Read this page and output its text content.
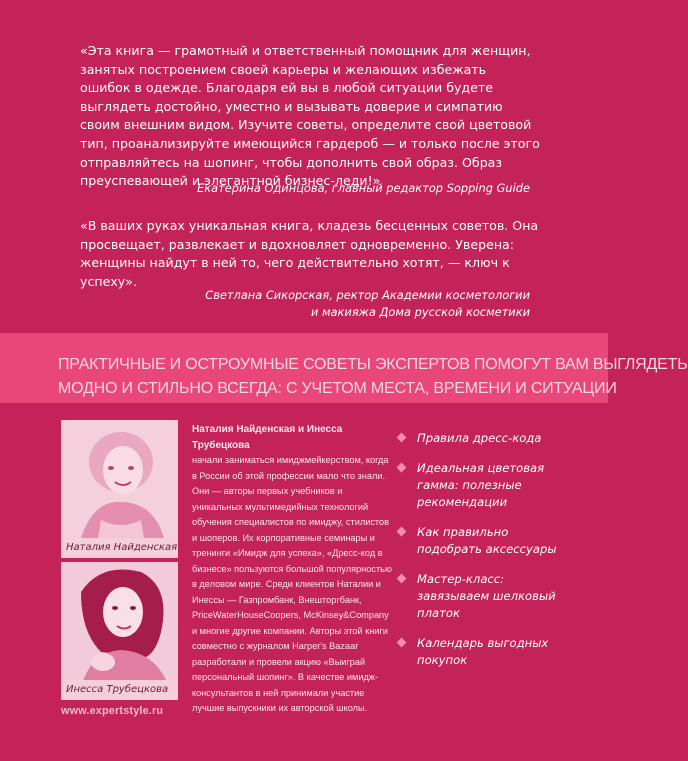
«Эта книга — грамотный и ответственный помощник для женщин, занятых построением своей карьеры и желающих избежать ошибок в одежде. Благодаря ей вы в любой ситуации будете выглядеть достойно, уместно и вызывать доверие и симпатию своим внешним видом. Изучите советы, определите свой цветовой тип, проанализируйте имеющийся гардероб — и только после этого отправляйтесь на шопинг, чтобы дополнить свой образ. Образ преуспевающей и элегантной бизнес-леди!»
Екатерина Одинцова, главный редактор Sopping Guide
«В ваших руках уникальная книга, кладезь бесценных советов. Она просвещает, развлекает и вдохновляет одновременно. Уверена: женщины найдут в ней то, чего действительно хотят, — ключ к успеху».
Светлана Сикорская, ректор Академии косметологии
и макияжа Дома русской косметики
ПРАКТИЧНЫЕ И ОСТРОУМНЫЕ СОВЕТЫ ЭКСПЕРТОВ ПОМОГУТ ВАМ ВЫГЛЯДЕТЬ
МОДНО И СТИЛЬНО ВСЕГДА: С УЧЕТОМ МЕСТА, ВРЕМЕНИ И СИТУАЦИИ
Наталия Найденская
Инесса Трубецкова
Наталия Найденская и Инесса Трубецкова
начали заниматься имиджмейкерством, когда в России об этой профессии мало что знали. Они — авторы первых учебников и уникальных мультимедийных технологий обучения специалистов по имиджу, стилистов и шоперов. Их корпоративные семинары и тренинги «Имидж для успеха», «Дресс-код в бизнесе» пользуются большой популярностью в деловом мире. Среди клиентов Наталии и Инессы — Газпромбанк, Внешторгбанк, PriceWaterHouseCoopers, McKinsey&Company и многие другие компании. Авторы этой книги совместно с журналом Harper's Bazaar разработали и провели акцию «Выиграй персональный шопинг». В качестве имидж-консультантов в ней принимали участие лучшие выпускники их авторской школы.
Правила дресс-кода
Идеальная цветовая гамма: полезные рекомендации
Как правильно подобрать аксессуары
Мастер-класс: завязываем шелковый платок
Календарь выгодных покупок
www.expertstyle.ru
